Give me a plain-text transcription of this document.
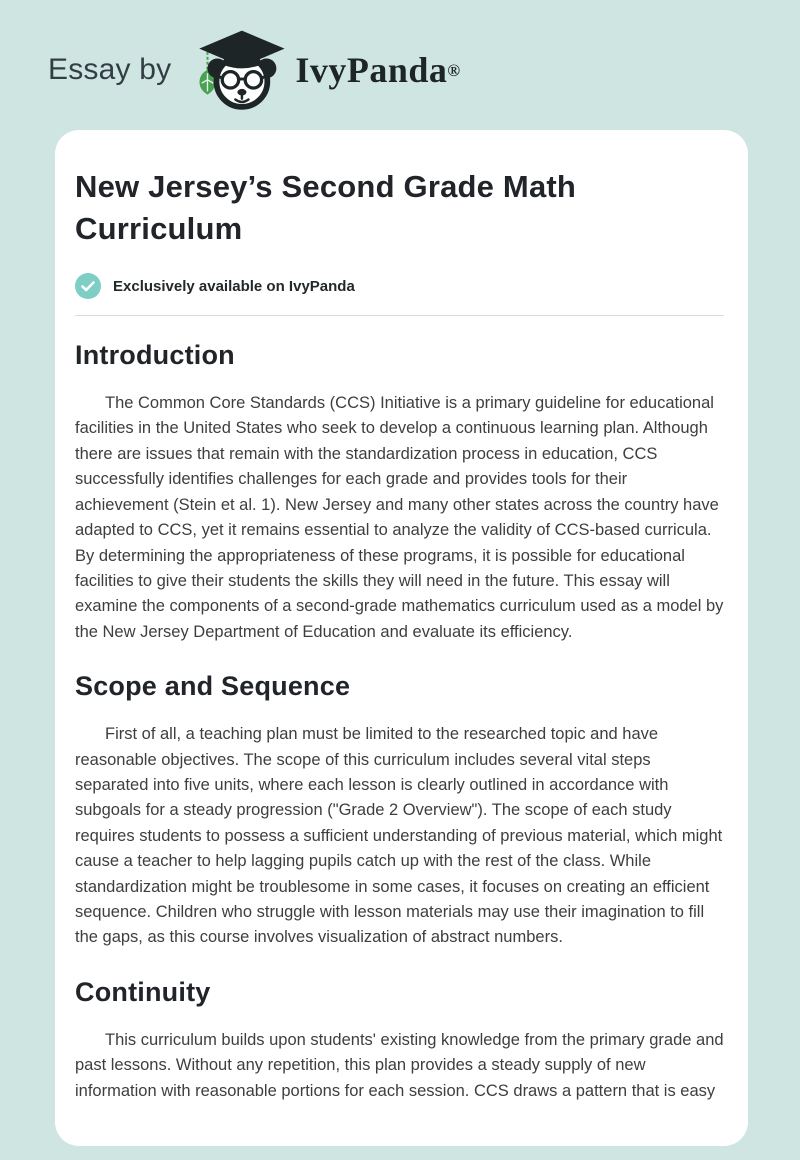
Essay by	IvyPanda ®
New Jersey’s Second Grade Math Curriculum
Exclusively available on IvyPanda
Introduction

The Common Core Standards (CCS) Initiative is a primary guideline for educational facilities in the United States who seek to develop a continuous learning plan. Although there are issues that remain with the standardization process in education, CCS successfully identifies challenges for each grade and provides tools for their achievement (Stein et al. 1). New Jersey and many other states across the country have adapted to CCS, yet it remains essential to analyze the validity of CCS-based curricula. By determining the appropriateness of these programs, it is possible for educational facilities to give their students the skills they will need in the future. This essay will examine the components of a second-grade mathematics curriculum used as a model by the New Jersey Department of Education and evaluate its efficiency.

Scope and Sequence

First of all, a teaching plan must be limited to the researched topic and have reasonable objectives. The scope of this curriculum includes several vital steps separated into five units, where each lesson is clearly outlined in accordance with subgoals for a steady progression ("Grade 2 Overview"). The scope of each study requires students to possess a sufficient understanding of previous material, which might cause a teacher to help lagging pupils catch up with the rest of the class. While standardization might be troublesome in some cases, it focuses on creating an efficient sequence. Children who struggle with lesson materials may use their imagination to fill the gaps, as this course involves visualization of abstract numbers.

Continuity

This curriculum builds upon students' existing knowledge from the primary grade and past lessons. Without any repetition, this plan provides a steady supply of new information with reasonable portions for each session. CCS draws a pattern that is easy
